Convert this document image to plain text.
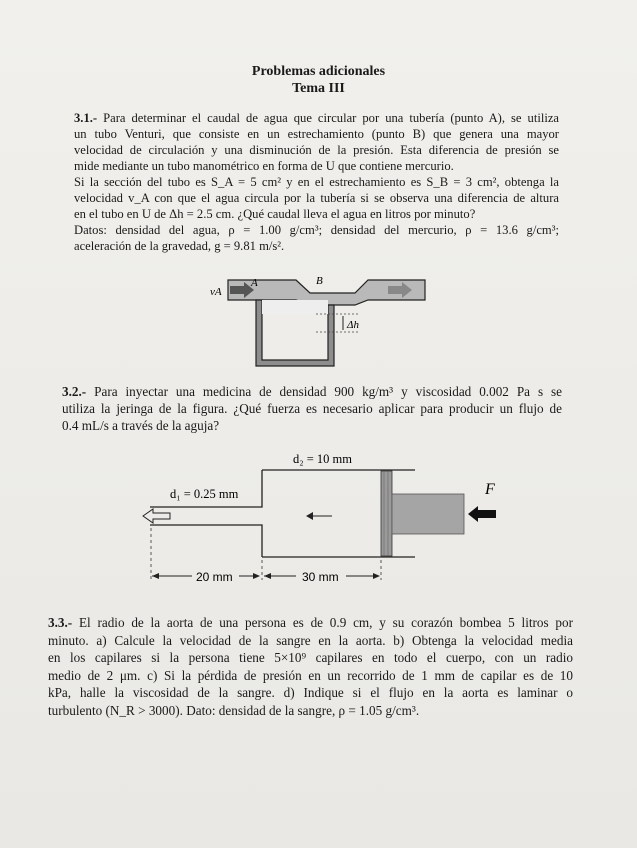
Problemas adicionales
Tema III
3.1.- Para determinar el caudal de agua que circular por una tubería (punto A), se utiliza
un tubo Venturi, que consiste en un estrechamiento (punto B) que genera una mayor
velocidad de circulación y una disminución de la presión. Esta diferencia de presión se
mide mediante un tubo manométrico en forma de U que contiene mercurio.
Si la sección del tubo es S_A = 5 cm² y en el estrechamiento es S_B = 3 cm², obtenga la
velocidad v_A con que el agua circula por la tubería si se observa una diferencia de altura
en el tubo en U de Δh = 2.5 cm. ¿Qué caudal lleva el agua en litros por minuto?
Datos: densidad del agua, ρ = 1.00 g/cm³; densidad del mercurio, ρ = 13.6 g/cm³;
aceleración de la gravedad, g = 9.81 m/s².
vA
A	B
Δh
3.2.- Para inyectar una medicina de densidad 900 kg/m³ y viscosidad 0.002 Pa s se
utiliza la jeringa de la figura. ¿Qué fuerza es necesario aplicar para producir un flujo de
0.4 mL/s a través de la aguja?
d₂ = 10 mm
d₁ = 0.25 mm	F
20 mm	30 mm
3.3.- El radio de la aorta de una persona es de 0.9 cm, y su corazón bombea 5 litros por
minuto. a) Calcule la velocidad de la sangre en la aorta. b) Obtenga la velocidad media
en los capilares si la persona tiene 5×10⁹ capilares en todo el cuerpo, con un radio
medio de 2 μm. c) Si la pérdida de presión en un recorrido de 1 mm de capilar es de 10
kPa, halle la viscosidad de la sangre. d) Indique si el flujo en la aorta es laminar o
turbulento (N_R > 3000). Dato: densidad de la sangre, ρ = 1.05 g/cm³.
